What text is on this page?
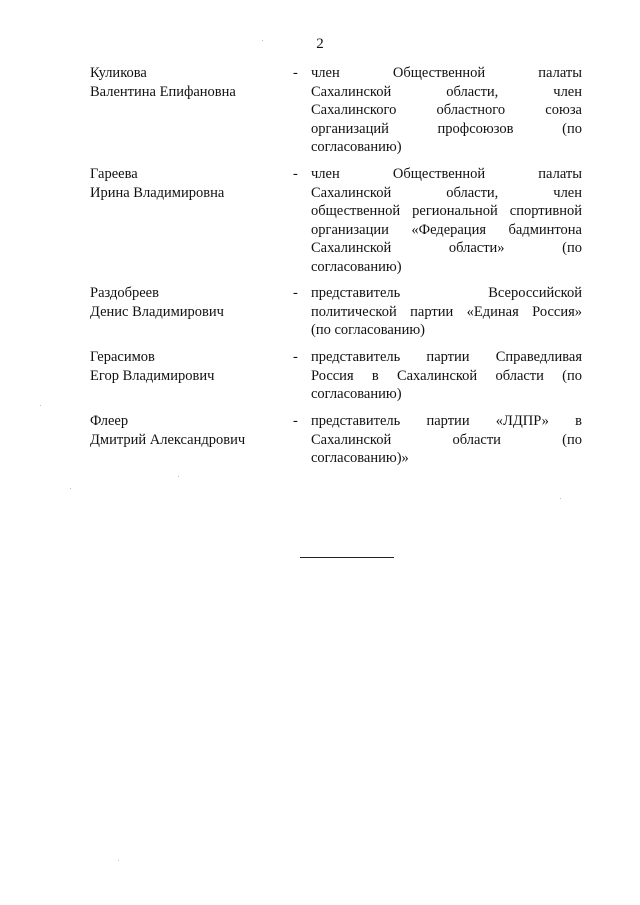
2
Куликова
Валентина Епифановна
- член Общественной палаты
Сахалинской области, член
Сахалинского областного союза
организаций профсоюзов (по
согласованию)
Гареева
Ирина Владимировна
- член Общественной палаты
Сахалинской области, член
общественной региональной спортивной
организации «Федерация бадминтона
Сахалинской области» (по
согласованию)
Раздобреев
Денис Владимирович
- представитель Всероссийской
политической партии «Единая Россия»
(по согласованию)
Герасимов
Егор Владимирович
- представитель партии Справедливая
Россия в Сахалинской области (по
согласованию)
Флеер
Дмитрий Александрович
- представитель партии «ЛДПР» в
Сахалинской области (по
согласованию)»
